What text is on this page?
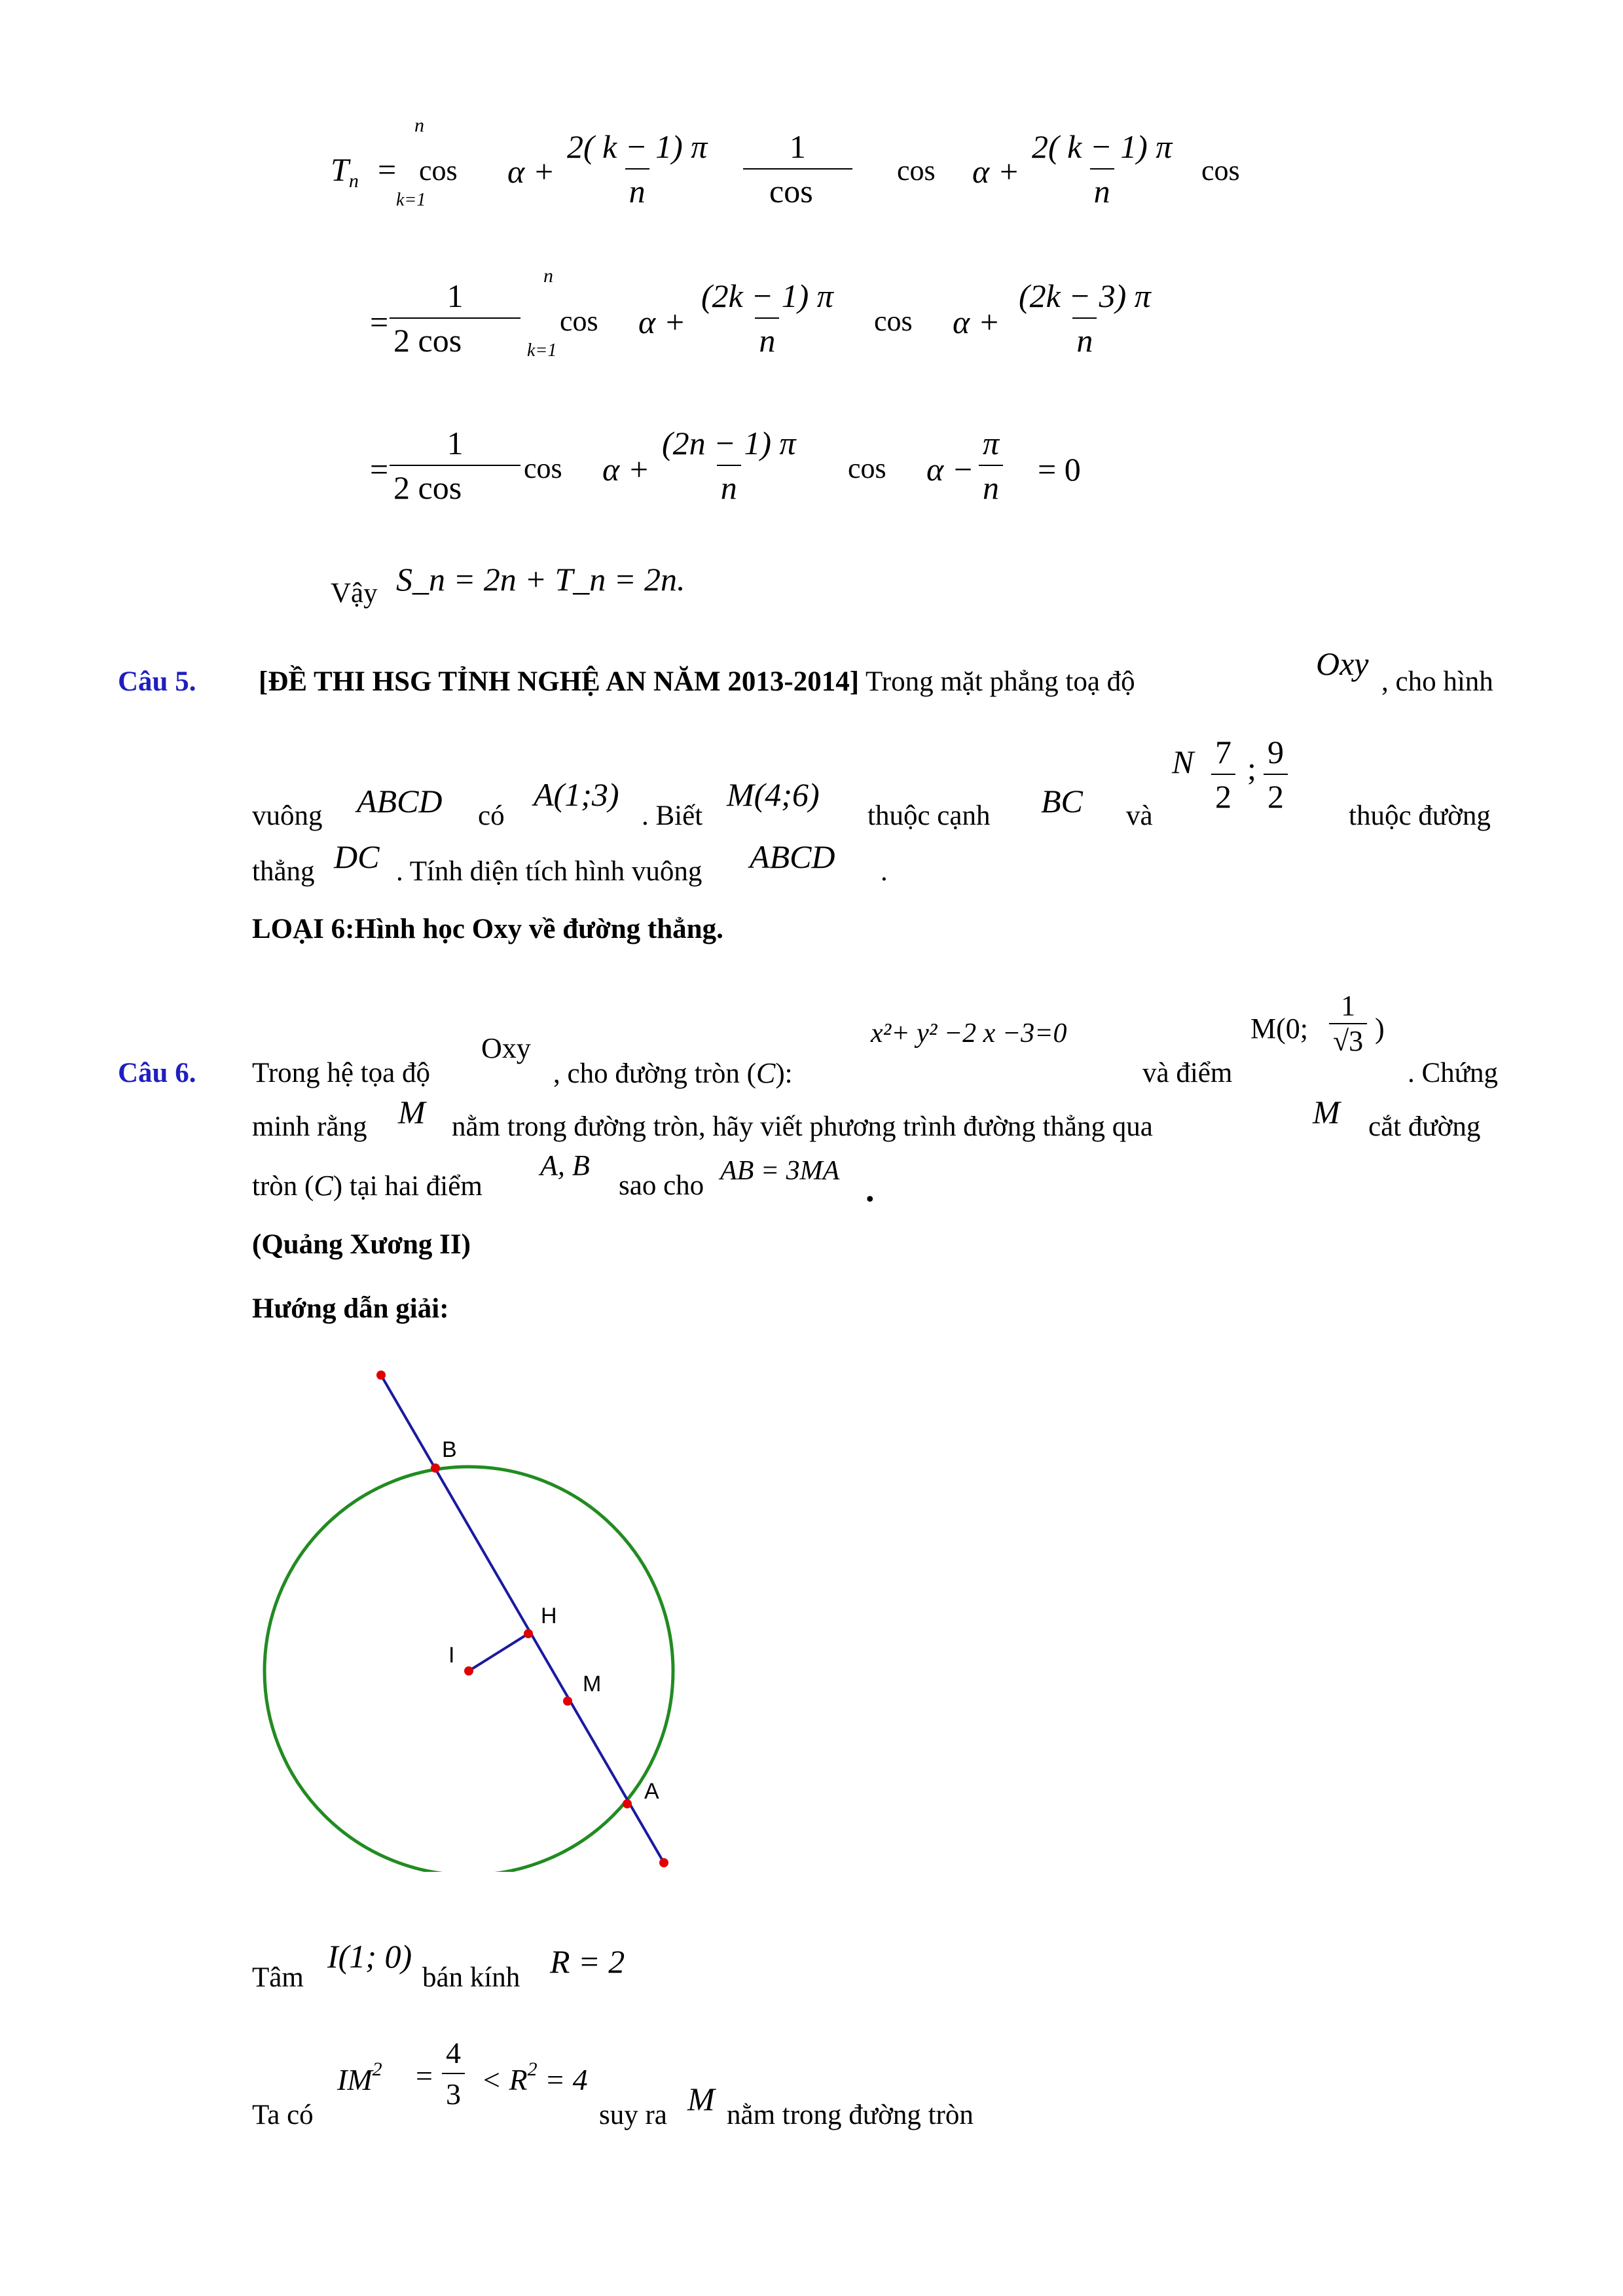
$T_n$ =
n
k=1
$\cos \alpha + \frac{2( k - 1) \pi}{n} \frac{1}{\cos}$ $\cos \alpha + \frac{2( k - 1) \pi}{n}$ cos
= $\frac{1}{2 \cos}$
n
k=1
$\cos \alpha + \frac{(2k - 1) \pi}{n}$ $\cos \alpha + \frac{(2k - 3) \pi}{n}$
= $\frac{1}{2 \cos}$ $\cos \alpha + \frac{(2n - 1) \pi}{n}$ $\cos \alpha - \frac{\pi}{n} = 0$
Vậy S_n = 2n + T_n = 2n.
Câu 5. [ĐỀ THI HSG TỈNH NGHỆ AN NĂM 2013-2014] Trong mặt phẳng toạ độ	Oxy , cho hình
vuông ABCD có
A(1;3)
. Biết
M(4;6)
thuộc cạnh BC và
N $\frac{7}{2}$ ; $\frac{9}{2}$
thuộc đường
thẳng DC . Tính diện tích hình vuông ABCD .
LOẠI 6:Hình học Oxy về đường thẳng.
Câu 6. Trong hệ tọa độ
Oxy
, cho đường tròn (C):
x²+ y² −2 x −3=0
và điểm
M(0; $\frac{1}{√3}$ )
. Chứng
minh rằng M nằm trong đường tròn, hãy viết phương trình đường thẳng qua	M cắt đường
tròn (C) tại hai điểm
A, B
sao cho AB = 3MA .
(Quảng Xương II)
Hướng dẫn giải:
B
H
I
M
A
Tâm
I(1; 0)
bán kính R = 2
Ta có
$IM^2 = \frac{4}{3} < R^2 = 4$
suy ra M nằm trong đường tròn
